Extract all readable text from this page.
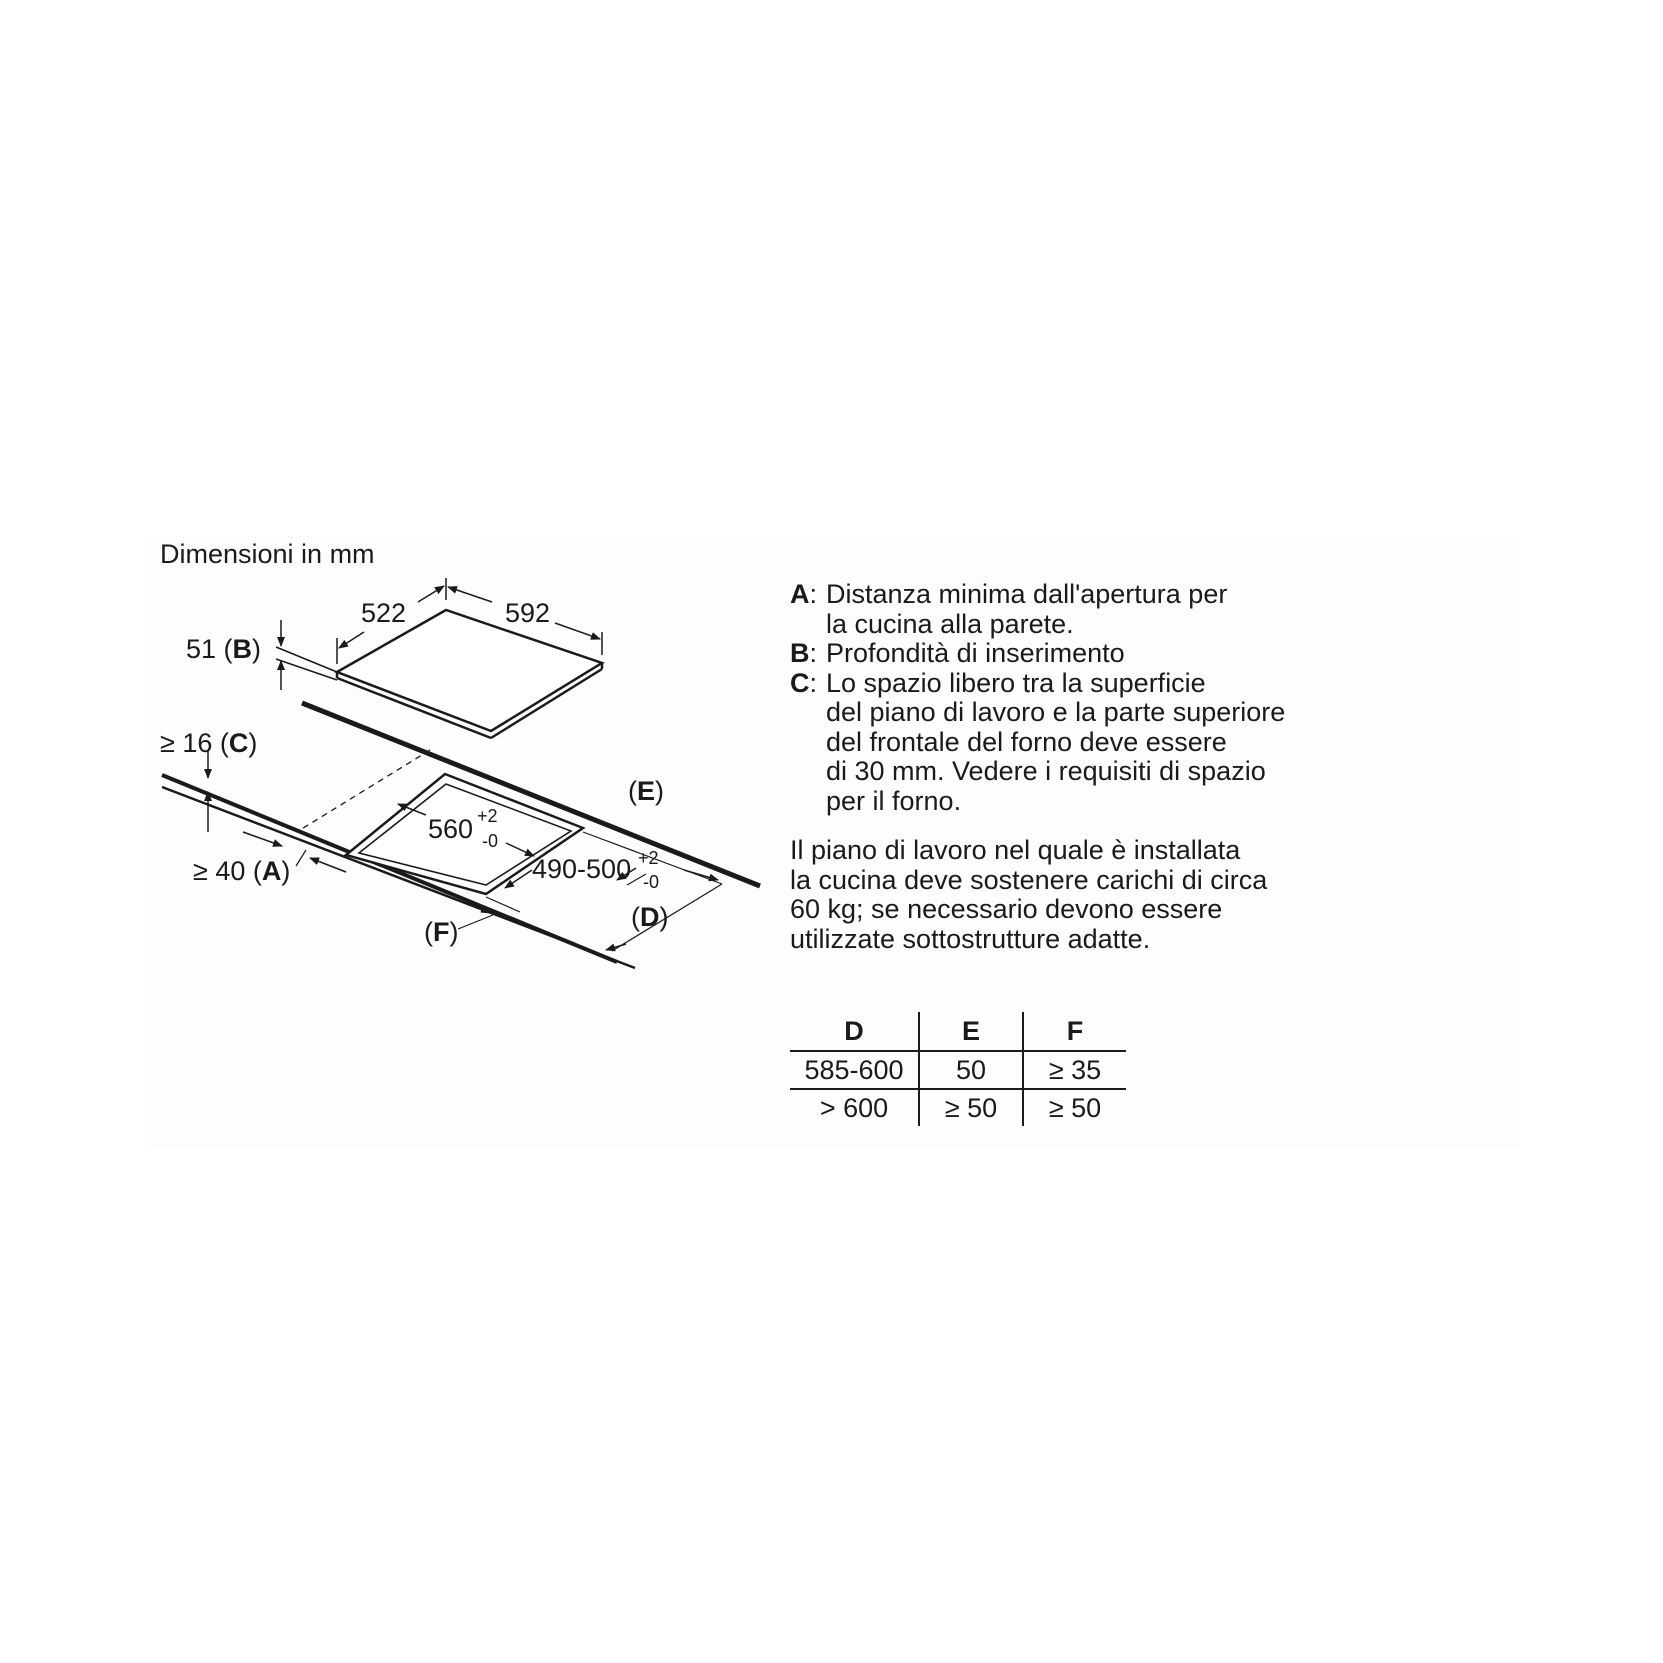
Dimensioni in mm
522	592
51 (B)
560 +2
-0
490-500 +2
-0
(E)
(D)
(F)
≥ 16 (C)
≥ 40 (A)
A: Distanza minima dall'apertura per
la cucina alla parete.
B: Profondità di inserimento
C: Lo spazio libero tra la superficie
del piano di lavoro e la parte superiore
del frontale del forno deve essere
di 30 mm. Vedere i requisiti di spazio
per il forno.

Il piano di lavoro nel quale è installata
la cucina deve sostenere carichi di circa
60 kg; se necessario devono essere
utilizzate sottostrutture adatte.

D	E	F
585-600	50	≥ 35
> 600	≥ 50	≥ 50
